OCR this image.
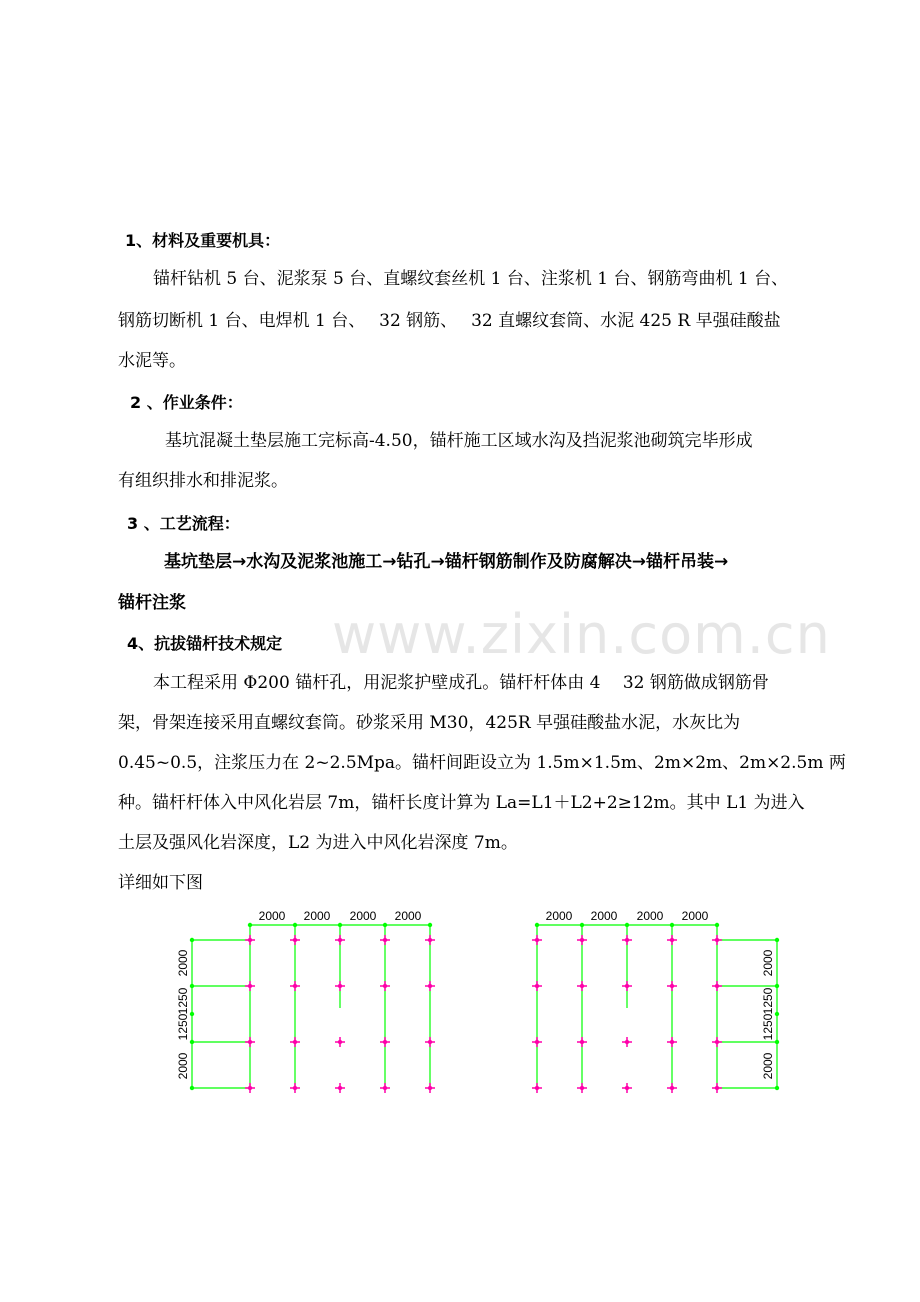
1、材料及重要机具：
锚杆钻机 5 台、泥浆泵 5 台、直螺纹套丝机 1 台、注浆机 1 台、钢筋弯曲机 1 台、
钢筋切断机 1 台、电焊机 1 台、　 32 钢筋、　 32 直螺纹套筒、水泥 425 R 早强硅酸盐
水泥等。
2 、作业条件：
基坑混凝土垫层施工完标高-4.50，锚杆施工区域水沟及挡泥浆池砌筑完毕形成
有组织排水和排泥浆。
3 、工艺流程：
基坑垫层→水沟及泥浆池施工→钻孔→锚杆钢筋制作及防腐解决→锚杆吊装→
锚杆注浆
4、抗拔锚杆技术规定
本工程采用 Φ200 锚杆孔，用泥浆护壁成孔。锚杆杆体由 4　 32 钢筋做成钢筋骨
架，骨架连接采用直螺纹套筒。砂浆采用 M30，425R 早强硅酸盐水泥，水灰比为
0.45~0.5，注浆压力在 2~2.5Mpa。锚杆间距设立为 1.5m×1.5m、2m×2m、2m×2.5m 两
种。锚杆杆体入中风化岩层 7m，锚杆长度计算为 La=L1＋L2+2≥12m。其中 L1 为进入
土层及强风化岩深度，L2 为进入中风化岩深度 7m。
详细如下图
www.zixin.com.cn
2000 2000 2000 2000
2000
1250
1250
2000
2000 2000 2000 2000
2000
1250
1250
2000
